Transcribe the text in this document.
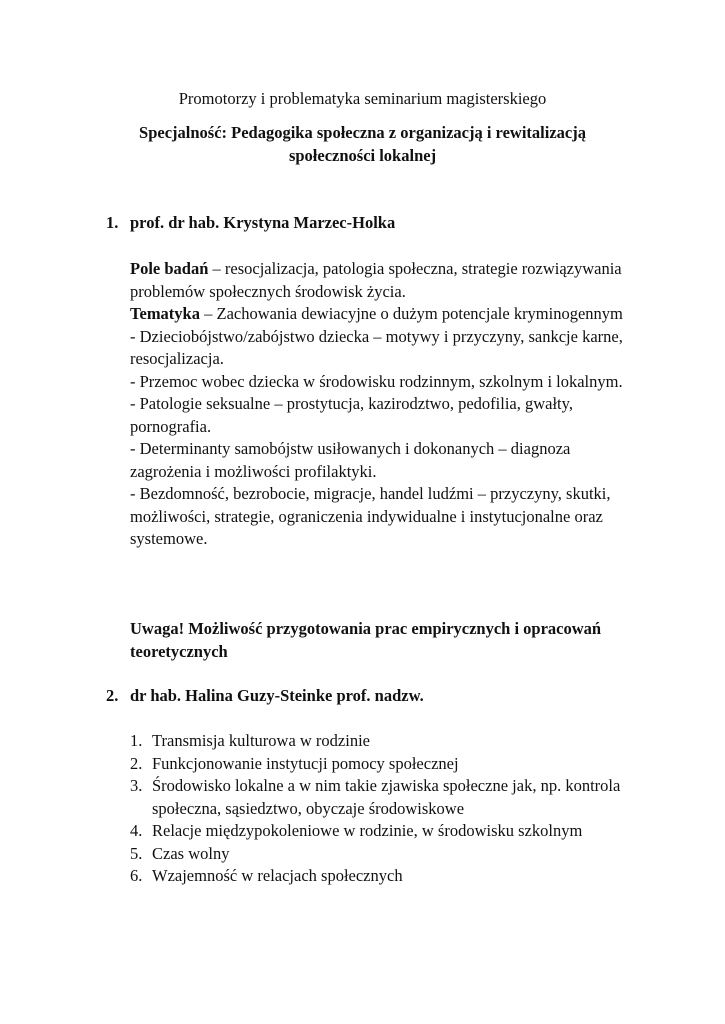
Promotorzy i problematyka seminarium magisterskiego
Specjalność: Pedagogika społeczna z organizacją i rewitalizacją społeczności lokalnej
1. prof. dr hab. Krystyna Marzec-Holka

Pole badań – resocjalizacja, patologia społeczna, strategie rozwiązywania problemów społecznych środowisk życia.

Tematyka – Zachowania dewiacyjne o dużym potencjale kryminogennym

- Dzieciobójstwo/zabójstwo dziecka – motywy i przyczyny, sankcje karne, resocjalizacja.

- Przemoc wobec dziecka w środowisku rodzinnym, szkolnym i lokalnym.

- Patologie seksualne – prostytucja, kazirodztwo, pedofilia, gwałty, pornografia.

- Determinanty samobójstw usiłowanych i dokonanych – diagnoza zagrożenia i możliwości profilaktyki.

- Bezdomność, bezrobocie, migracje, handel ludźmi – przyczyny, skutki, możliwości, strategie, ograniczenia indywidualne i instytucjonalne oraz systemowe.

Uwaga! Możliwość przygotowania prac empirycznych i opracowań teoretycznych
2. dr hab. Halina Guzy-Steinke prof. nadzw.
1. Transmisja kulturowa w rodzinie
2. Funkcjonowanie instytucji pomocy społecznej
3. Środowisko lokalne a w nim takie zjawiska społeczne jak, np. kontrola społeczna, sąsiedztwo, obyczaje środowiskowe
4. Relacje międzypokoleniowe w rodzinie, w środowisku szkolnym
5. Czas wolny
6. Wzajemność w relacjach społecznych
